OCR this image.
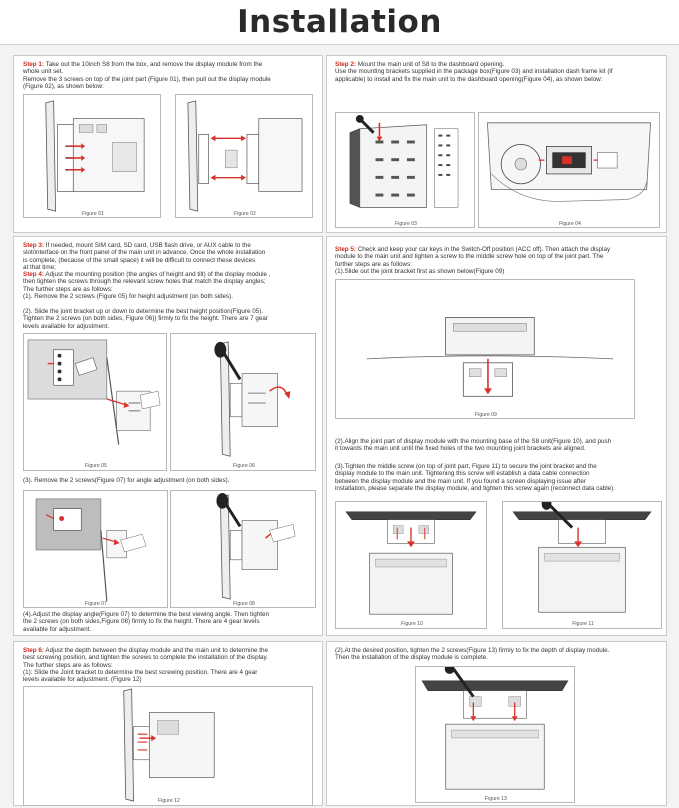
Installation
Step 1: Take out the 10inch S8 from the box, and remove the display module from the
whole unit set.
Remove the 3 screws on top of the joint part (Figure 01), then pull out the display module
(Figure 02), as shown below:
Figure 01	Figure 02
Step 2: Mount the main unit of S8 to the dashboard opening.
Use the mounting brackets supplied in the package box(Figure 03) and installation dash frame kit (if
applicable) to install and fix the main unit to the dashboard opening(Figure 04), as shown below:
Figure 03	Figure 04
Step 3: If needed, mount SIM card, SD card, USB flash drive, or AUX cable to the
slot/interface on the front panel of the main unit in advance. Once the whole installation
is complete, (because of the small space) it will be difficult to connect these devices
at that time;
Step 4: Adjust the mounting position (the angles of height and tilt) of the display module ,
then tighten the screws through the relevant screw holes that match the display angles;
The further steps are as follows:
(1). Remove the 2 screws (Figure 05) for height adjustment (on both sides).
(2). Slide the joint bracket up or down to determine the best height position(Figure 05).
Tighten the 2 screws (on both sides, Figure 06)) firmly to fix the height. There are 7 gear
levels available for adjustment.
Figure 05	Figure 06
(3). Remove the 2 screws(Figure 07) for angle adjustment (on both sides).
Figure 07	Figure 08
(4).Adjust the display angle(Figure 07) to determine the best viewing angle. Then tighten
the 2 screws (on both sides,Figure 08) firmly to fix the height. There are 4 gear levels
available for adjustment.
Step 5: Check and keep your car keys in the Switch-Off position (ACC off). Then attach the display
module to the main unit and tighten a screw to the middle screw hole on top of the joint part. The
further steps are as follows:
(1).Slide out the joint bracket first as shown below(Figure 09)
Figure 09
(2).Align the joint part of display module with the mounting base of the S8 unit(Figure 10), and push
it towards the main unit until the fixed holes of the two mounting joint brackets are aligned.
(3).Tighten the middle screw (on top of joint part, Figure 11) to secure the joint bracket and the
display module to the main unit. Tightening this screw will establish a data cable connection
between the display module and the main unit. If you found a screen displaying issue after
installation, please separate the display module, and tighten this screw again (reconnect data cable).
Figure 10	Figure 11
Step 6: Adjust the depth between the display module and the main unit to determine the
best screwing position, and tighten the screws to complete the installation of the display.
The further steps are as follows:
(1): Slide the Joint bracket to determine the best screwing position. There are 4 gear
levels available for adjustment. (Figure 12)
Figure 12
(2).At the desired position, tighten the 2 screws(Figure 13) firmly to fix the depth of display module.
Then the installation of the display module is complete.
Figure 13
